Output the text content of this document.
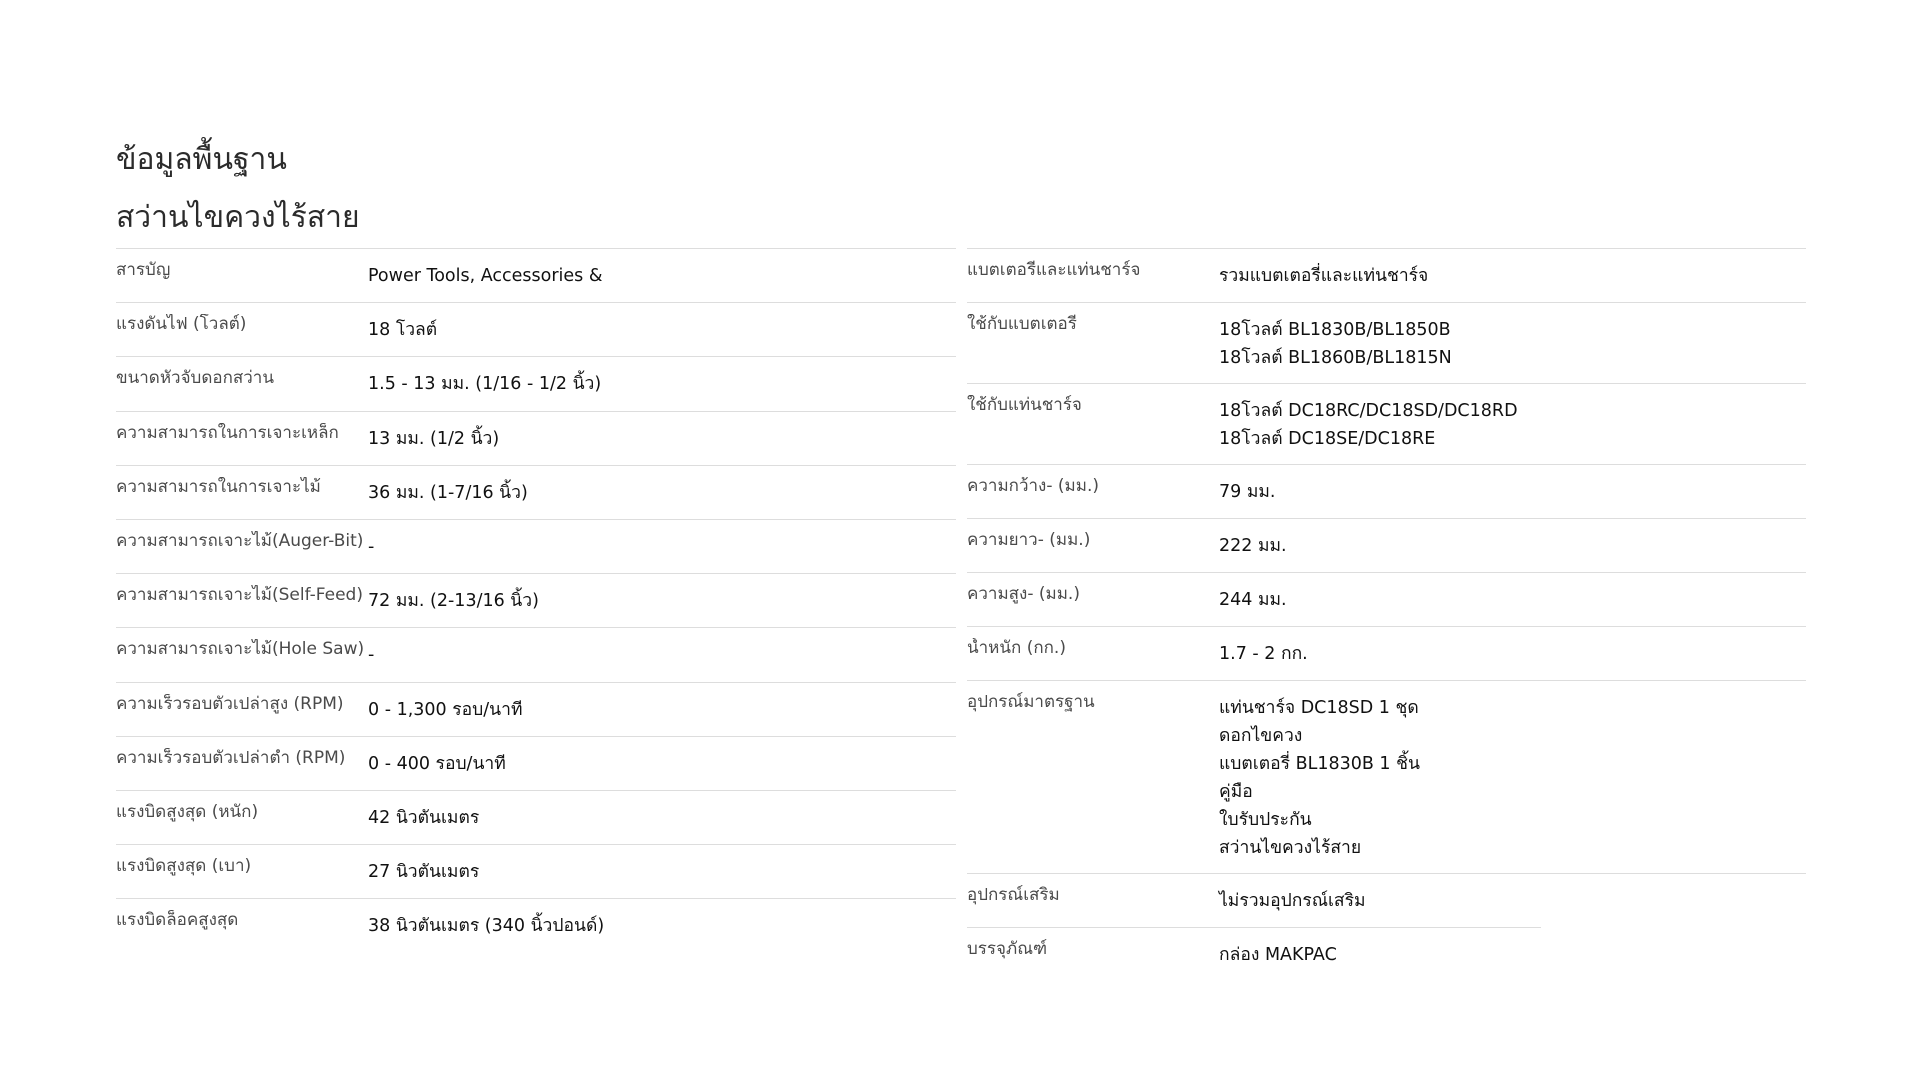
ข้อมูลพื้นฐาน
สว่านไขควงไร้สาย
สารบัญ	Power Tools, Accessories &
แรงดันไฟ (โวลต์)	18 โวลต์
ขนาดหัวจับดอกสว่าน	1.5 - 13 มม. (1/16 - 1/2 นิ้ว)
ความสามารถในการเจาะเหล็ก	13 มม. (1/2 นิ้ว)
ความสามารถในการเจาะไม้	36 มม. (1-7/16 นิ้ว)
ความสามารถเจาะไม้(Auger-Bit) -
ความสามารถเจาะไม้(Self-Feed) 72 มม. (2-13/16 นิ้ว)
ความสามารถเจาะไม้(Hole Saw) -
ความเร็วรอบตัวเปล่าสูง (RPM)	0 - 1,300 รอบ/นาที
ความเร็วรอบตัวเปล่าต่ำ (RPM)	0 - 400 รอบ/นาที
แรงบิดสูงสุด (หนัก)	42 นิวตันเมตร
แรงบิดสูงสุด (เบา)	27 นิวตันเมตร
แรงบิดล็อคสูงสุด	38 นิวตันเมตร (340 นิ้วปอนด์)
แบตเตอรี่และแท่นชาร์จ	รวมแบตเตอรี่และแท่นชาร์จ
ใช้กับแบตเตอรี่	18โวลต์ BL1830B/BL1850B
18โวลต์ BL1860B/BL1815N
ใช้กับแท่นชาร์จ	18โวลต์ DC18RC/DC18SD/DC18RD
18โวลต์ DC18SE/DC18RE
ความกว้าง- (มม.)	79 มม.
ความยาว- (มม.)	222 มม.
ความสูง- (มม.)	244 มม.
น้ำหนัก (กก.)	1.7 - 2 กก.
อุปกรณ์มาตรฐาน	แท่นชาร์จ DC18SD 1 ชุด
ดอกไขควง
แบตเตอรี่ BL1830B 1 ชิ้น
คู่มือ
ใบรับประกัน
สว่านไขควงไร้สาย
อุปกรณ์เสริม	ไม่รวมอุปกรณ์เสริม
บรรจุภัณฑ์	กล่อง MAKPAC
